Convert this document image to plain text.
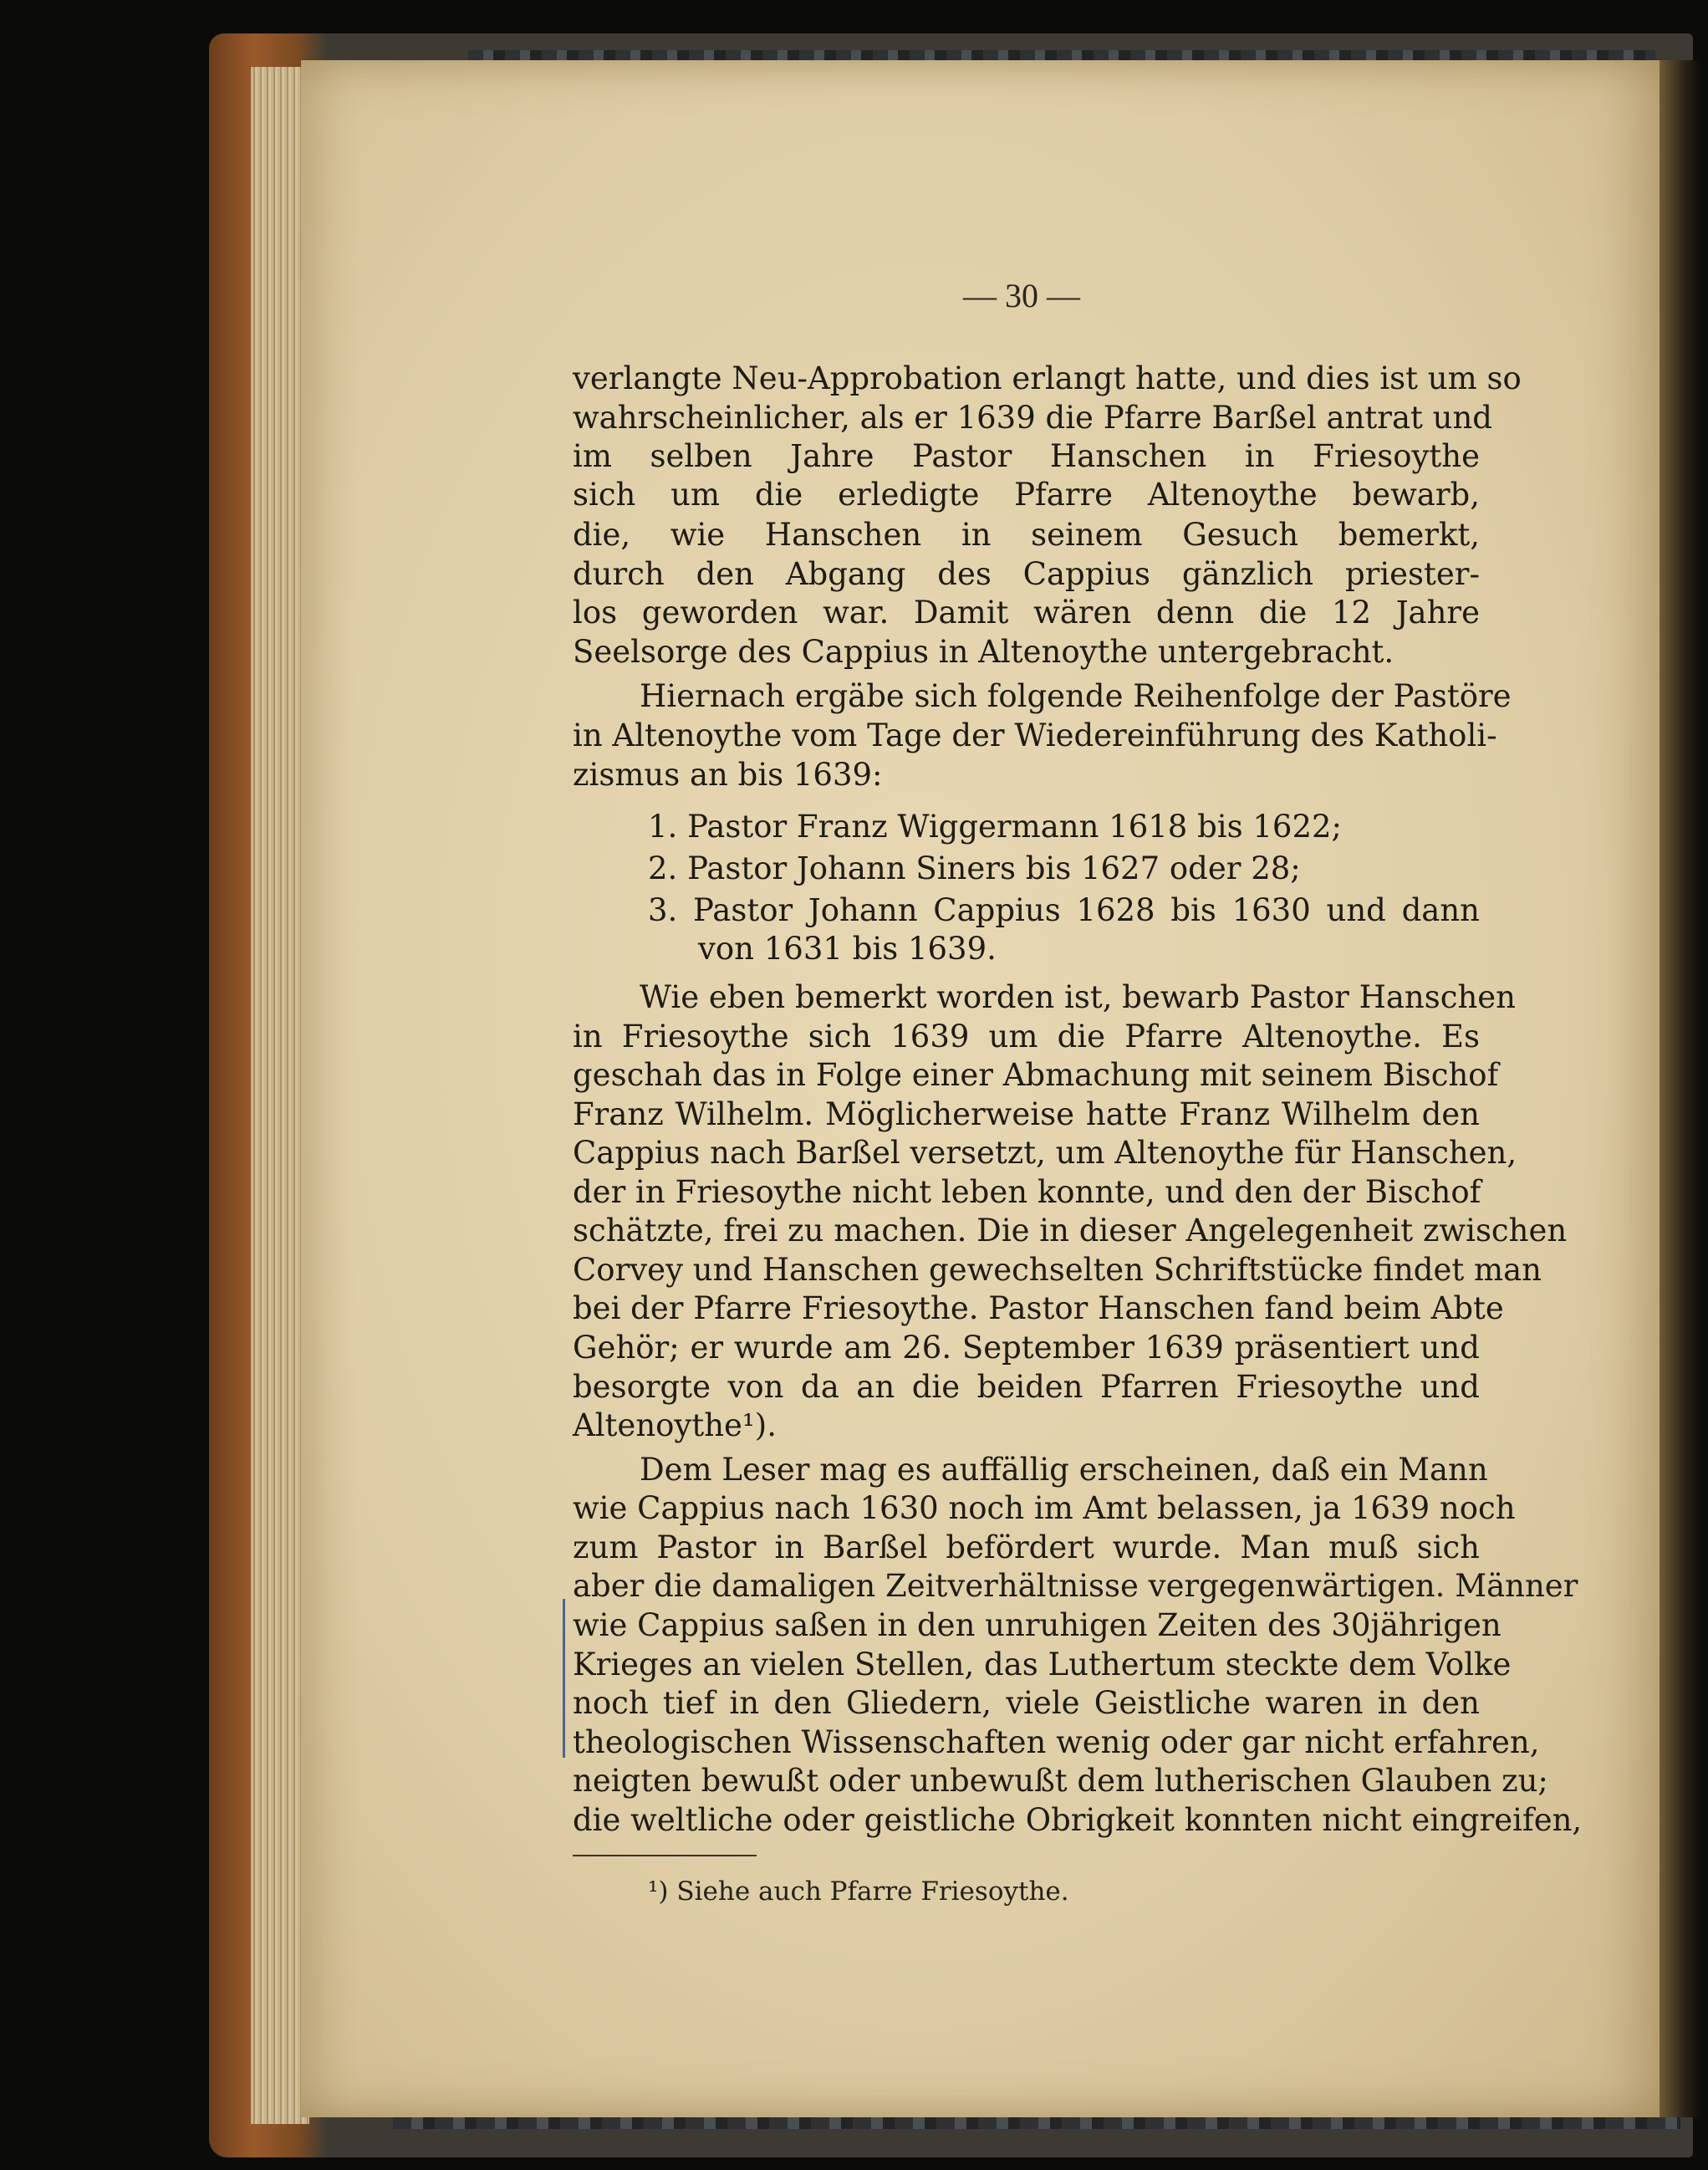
— 30 —
verlangte Neu-Approbation erlangt hatte, und dies ist um so
wahrscheinlicher, als er 1639 die Pfarre Barßel antrat und
im selben Jahre Pastor Hanschen in Friesoythe
sich um die erledigte Pfarre Altenoythe bewarb,
die, wie Hanschen in seinem Gesuch bemerkt,
durch den Abgang des Cappius gänzlich priester-
los geworden war. Damit wären denn die 12 Jahre
Seelsorge des Cappius in Altenoythe untergebracht.
Hiernach ergäbe sich folgende Reihenfolge der Pastöre
in Altenoythe vom Tage der Wiedereinführung des Katholi-
zismus an bis 1639:
1. Pastor Franz Wiggermann 1618 bis 1622;
2. Pastor Johann Siners bis 1627 oder 28;
3. Pastor Johann Cappius 1628 bis 1630 und dann
von 1631 bis 1639.
Wie eben bemerkt worden ist, bewarb Pastor Hanschen
in Friesoythe sich 1639 um die Pfarre Altenoythe. Es
geschah das in Folge einer Abmachung mit seinem Bischof
Franz Wilhelm. Möglicherweise hatte Franz Wilhelm den
Cappius nach Barßel versetzt, um Altenoythe für Hanschen,
der in Friesoythe nicht leben konnte, und den der Bischof
schätzte, frei zu machen. Die in dieser Angelegenheit zwischen
Corvey und Hanschen gewechselten Schriftstücke findet man
bei der Pfarre Friesoythe. Pastor Hanschen fand beim Abte
Gehör; er wurde am 26. September 1639 präsentiert und
besorgte von da an die beiden Pfarren Friesoythe und
Altenoythe¹).
Dem Leser mag es auffällig erscheinen, daß ein Mann
wie Cappius nach 1630 noch im Amt belassen, ja 1639 noch
zum Pastor in Barßel befördert wurde. Man muß sich
aber die damaligen Zeitverhältnisse vergegenwärtigen. Männer
wie Cappius saßen in den unruhigen Zeiten des 30jährigen
Krieges an vielen Stellen, das Luthertum steckte dem Volke
noch tief in den Gliedern, viele Geistliche waren in den
theologischen Wissenschaften wenig oder gar nicht erfahren,
neigten bewußt oder unbewußt dem lutherischen Glauben zu;
die weltliche oder geistliche Obrigkeit konnten nicht eingreifen,
¹) Siehe auch Pfarre Friesoythe.
